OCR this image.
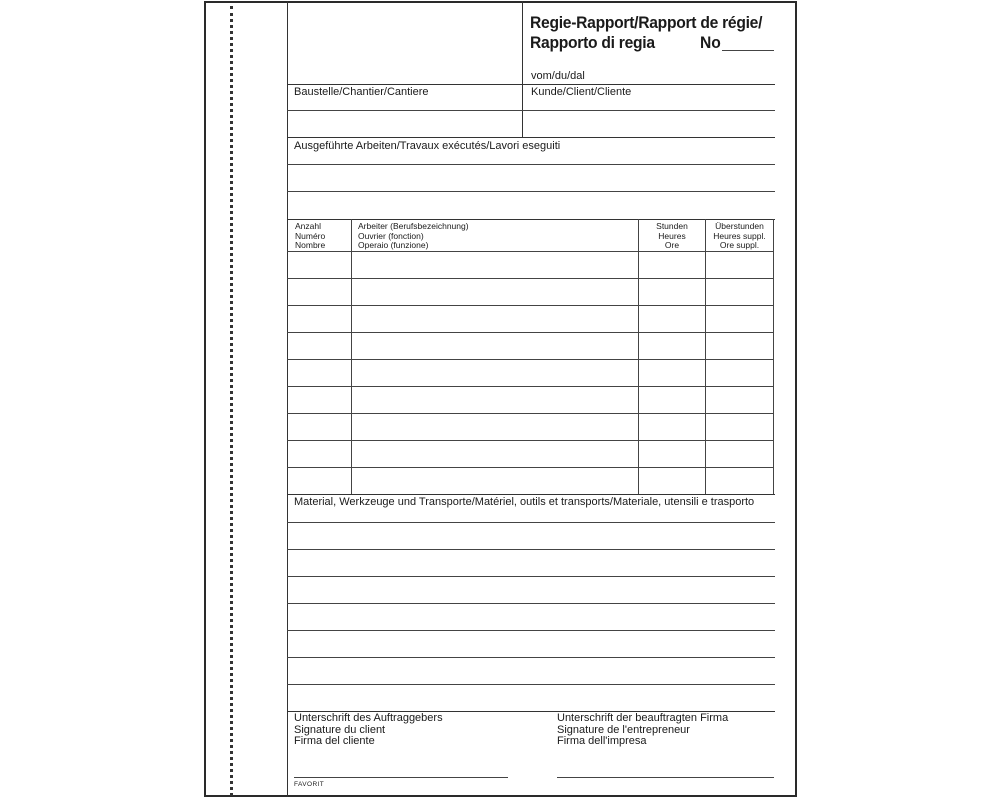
Regie-Rapport/Rapport de régie/
Rapporto di regia	No
vom/du/dal
Baustelle/Chantier/Cantiere	Kunde/Client/Cliente
Ausgeführte Arbeiten/Travaux exécutés/Lavori eseguiti
Anzahl
Numéro
Nombre
Arbeiter (Berufsbezeichnung)
Ouvrier (fonction)
Operaio (funzione)
Stunden
Heures
Ore
Überstunden
Heures suppl.
Ore suppl.
Material, Werkzeuge und Transporte/Matériel, outils et transports/Materiale, utensili e trasporto
Unterschrift des Auftraggebers
Signature du client
Firma del cliente
Unterschrift der beauftragten Firma
Signature de l'entrepreneur
Firma dell'impresa
FAVORIT
